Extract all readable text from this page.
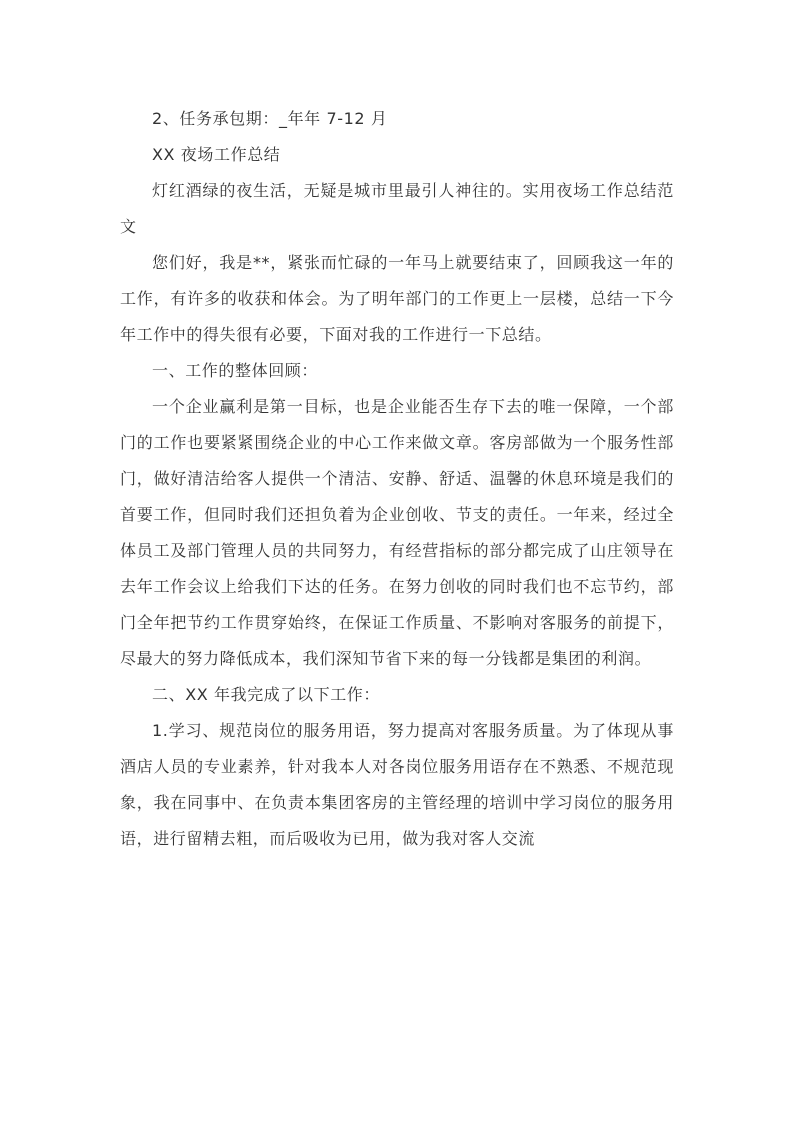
2、任务承包期：_年年 7-12 月

XX 夜场工作总结

灯红酒绿的夜生活，无疑是城市里最引人神往的。实用夜场工作总结范文

您们好，我是**，紧张而忙碌的一年马上就要结束了，回顾我这一年的工作，有许多的收获和体会。为了明年部门的工作更上一层楼，总结一下今年工作中的得失很有必要，下面对我的工作进行一下总结。

一、工作的整体回顾：

一个企业赢利是第一目标，也是企业能否生存下去的唯一保障，一个部门的工作也要紧紧围绕企业的中心工作来做文章。客房部做为一个服务性部门，做好清洁给客人提供一个清洁、安静、舒适、温馨的休息环境是我们的首要工作，但同时我们还担负着为企业创收、节支的责任。一年来，经过全体员工及部门管理人员的共同努力，有经营指标的部分都完成了山庄领导在去年工作会议上给我们下达的任务。在努力创收的同时我们也不忘节约，部门全年把节约工作贯穿始终，在保证工作质量、不影响对客服务的前提下，尽最大的努力降低成本，我们深知节省下来的每一分钱都是集团的利润。

二、XX 年我完成了以下工作：

1.学习、规范岗位的服务用语，努力提高对客服务质量。为了体现从事酒店人员的专业素养，针对我本人对各岗位服务用语存在不熟悉、不规范现象，我在同事中、在负责本集团客房的主管经理的培训中学习岗位的服务用语，进行留精去粗，而后吸收为已用，做为我对客人交流
